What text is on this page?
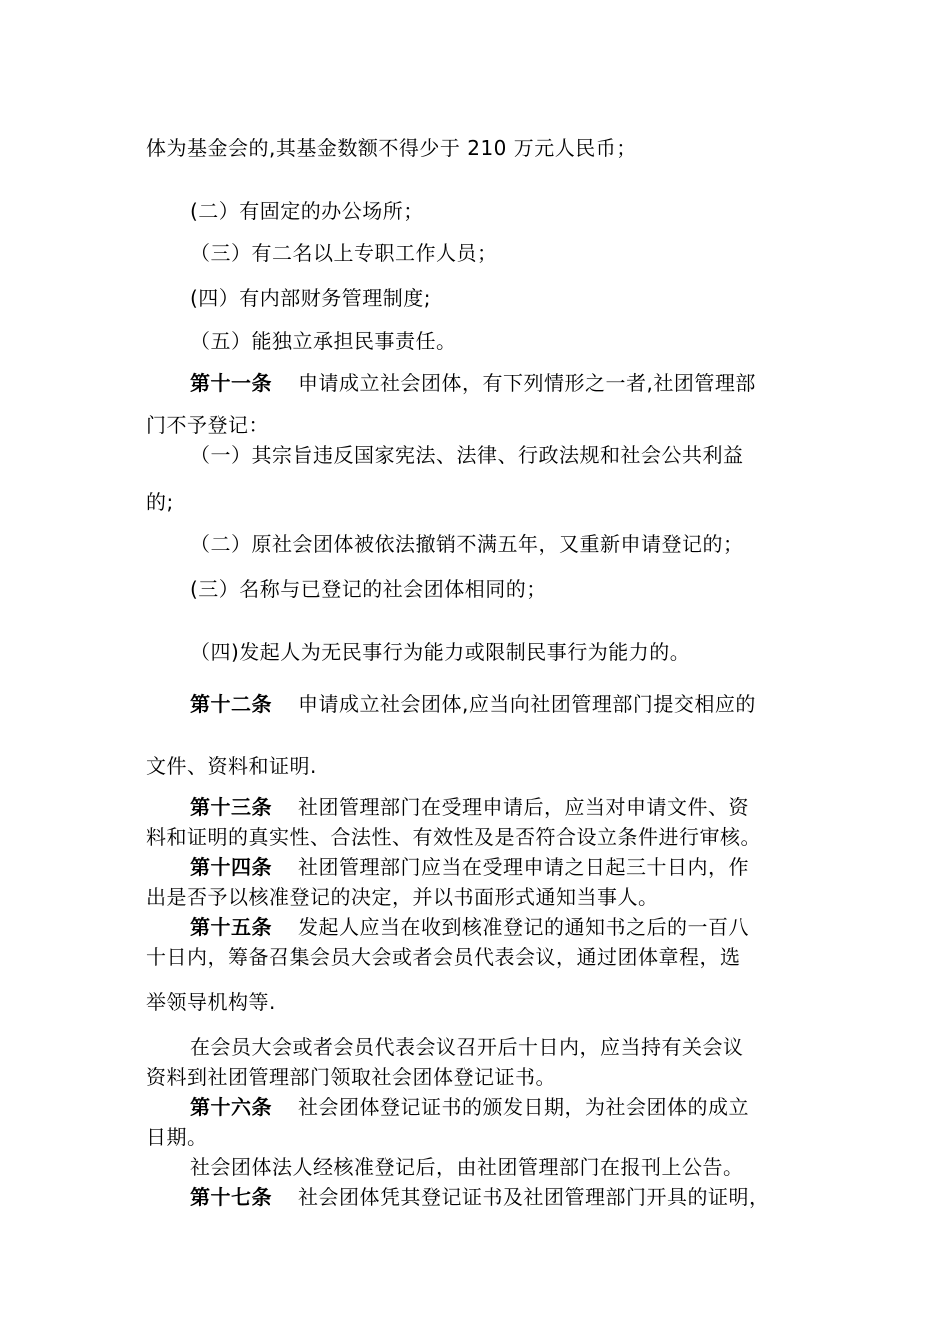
体为基金会的,其基金数额不得少于 210 万元人民币；
(二）有固定的办公场所；
（三）有二名以上专职工作人员；
(四）有内部财务管理制度;
（五）能独立承担民事责任。
第十一条 申请成立社会团体，有下列情形之一者,社团管理部
门不予登记：
（一）其宗旨违反国家宪法、法律、行政法规和社会公共利益
的;
（二）原社会团体被依法撤销不满五年，又重新申请登记的；
(三）名称与已登记的社会团体相同的；
（四)发起人为无民事行为能力或限制民事行为能力的。
第十二条 申请成立社会团体,应当向社团管理部门提交相应的
文件、资料和证明.
第十三条 社团管理部门在受理申请后，应当对申请文件、资
料和证明的真实性、合法性、有效性及是否符合设立条件进行审核。
第十四条 社团管理部门应当在受理申请之日起三十日内，作
出是否予以核准登记的决定，并以书面形式通知当事人。
第十五条 发起人应当在收到核准登记的通知书之后的一百八
十日内，筹备召集会员大会或者会员代表会议，通过团体章程，选
举领导机构等.
在会员大会或者会员代表会议召开后十日内，应当持有关会议
资料到社团管理部门领取社会团体登记证书。
第十六条 社会团体登记证书的颁发日期，为社会团体的成立
日期。
社会团体法人经核准登记后，由社团管理部门在报刊上公告。
第十七条 社会团体凭其登记证书及社团管理部门开具的证明，
